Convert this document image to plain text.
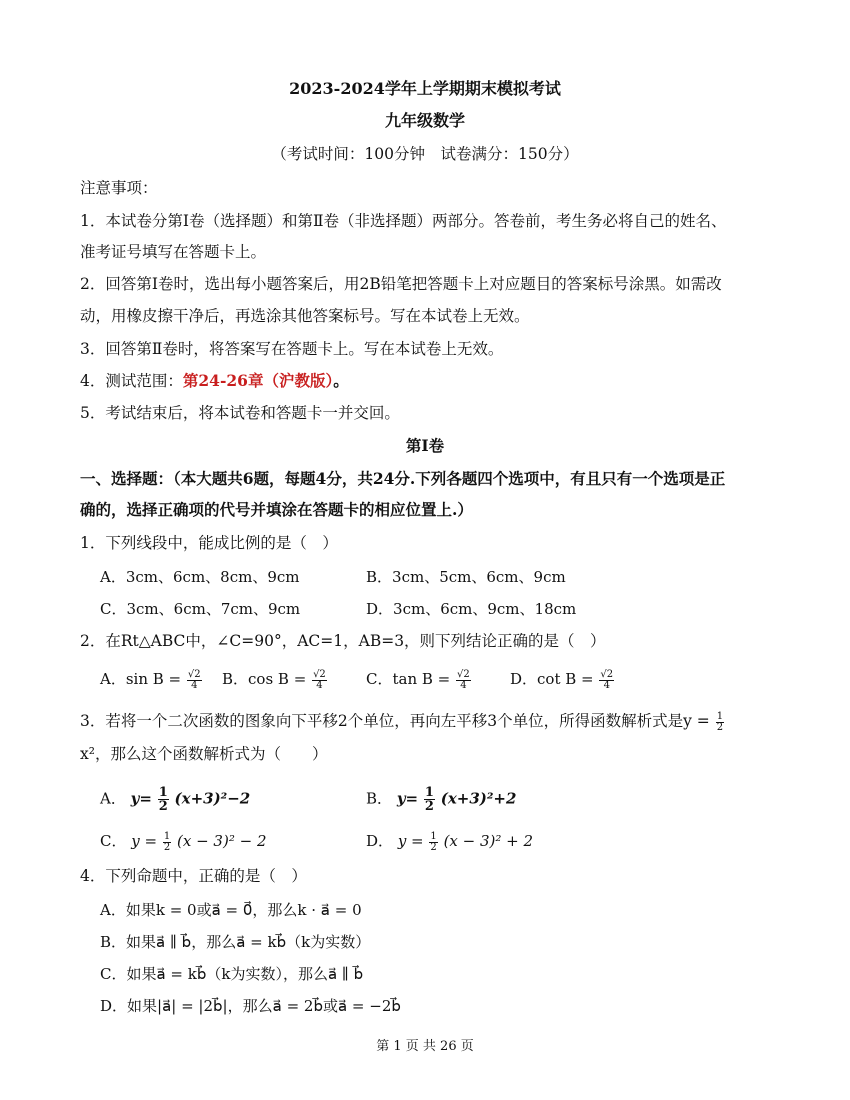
2023-2024学年上学期期末模拟考试
九年级数学
（考试时间：100分钟　试卷满分：150分）
注意事项：
1．本试卷分第Ⅰ卷（选择题）和第Ⅱ卷（非选择题）两部分。答卷前，考生务必将自己的姓名、
准考证号填写在答题卡上。
2．回答第Ⅰ卷时，选出每小题答案后，用2B铅笔把答题卡上对应题目的答案标号涂黑。如需改
动，用橡皮擦干净后，再选涂其他答案标号。写在本试卷上无效。
3．回答第Ⅱ卷时，将答案写在答题卡上。写在本试卷上无效。
4．测试范围：第24-26章（沪教版）。
5．考试结束后，将本试卷和答题卡一并交回。
第Ⅰ卷
一、选择题：（本大题共6题，每题4分，共24分.下列各题四个选项中，有且只有一个选项是正
确的，选择正确项的代号并填涂在答题卡的相应位置上.）
1．下列线段中，能成比例的是（　）
A．3cm、6cm、8cm、9cm	B．3cm、5cm、6cm、9cm
C．3cm、6cm、7cm、9cm	D．3cm、6cm、9cm、18cm
2．在Rt△ABC中，∠C=90°，AC=1，AB=3，则下列结论正确的是（　）
A．$\sin B = \frac{√2}{4}$ B．$\cos B = \frac{√2}{4}$	C．$\tan B = \frac{√2}{4}$	D．$\cot B = \frac{√2}{4}$
3．若将一个二次函数的图象向下平移2个单位，再向左平移3个单位，所得函数解析式是$y = \frac{1}{2}$
x²，那么这个函数解析式为（　　）
A． $y= \frac{1}{2} (x+3)^2-2$	B． $y= \frac{1}{2} (x+3)^2+2$
C． $y = \frac{1}{2} (x - 3)^2 - 2$	D． $y = \frac{1}{2} (x - 3)^2 + 2$
4．下列命题中，正确的是（　）
A．如果k = 0或a⃗ = 0⃗，那么k · a⃗ = 0
B．如果a⃗ ∥ b⃗，那么a⃗ = kb⃗（k为实数）
C．如果a⃗ = kb⃗（k为实数），那么a⃗ ∥ b⃗
D．如果|a⃗| = |2b⃗|，那么a⃗ = 2b⃗或a⃗ = −2b⃗
第 1 页 共 26 页
